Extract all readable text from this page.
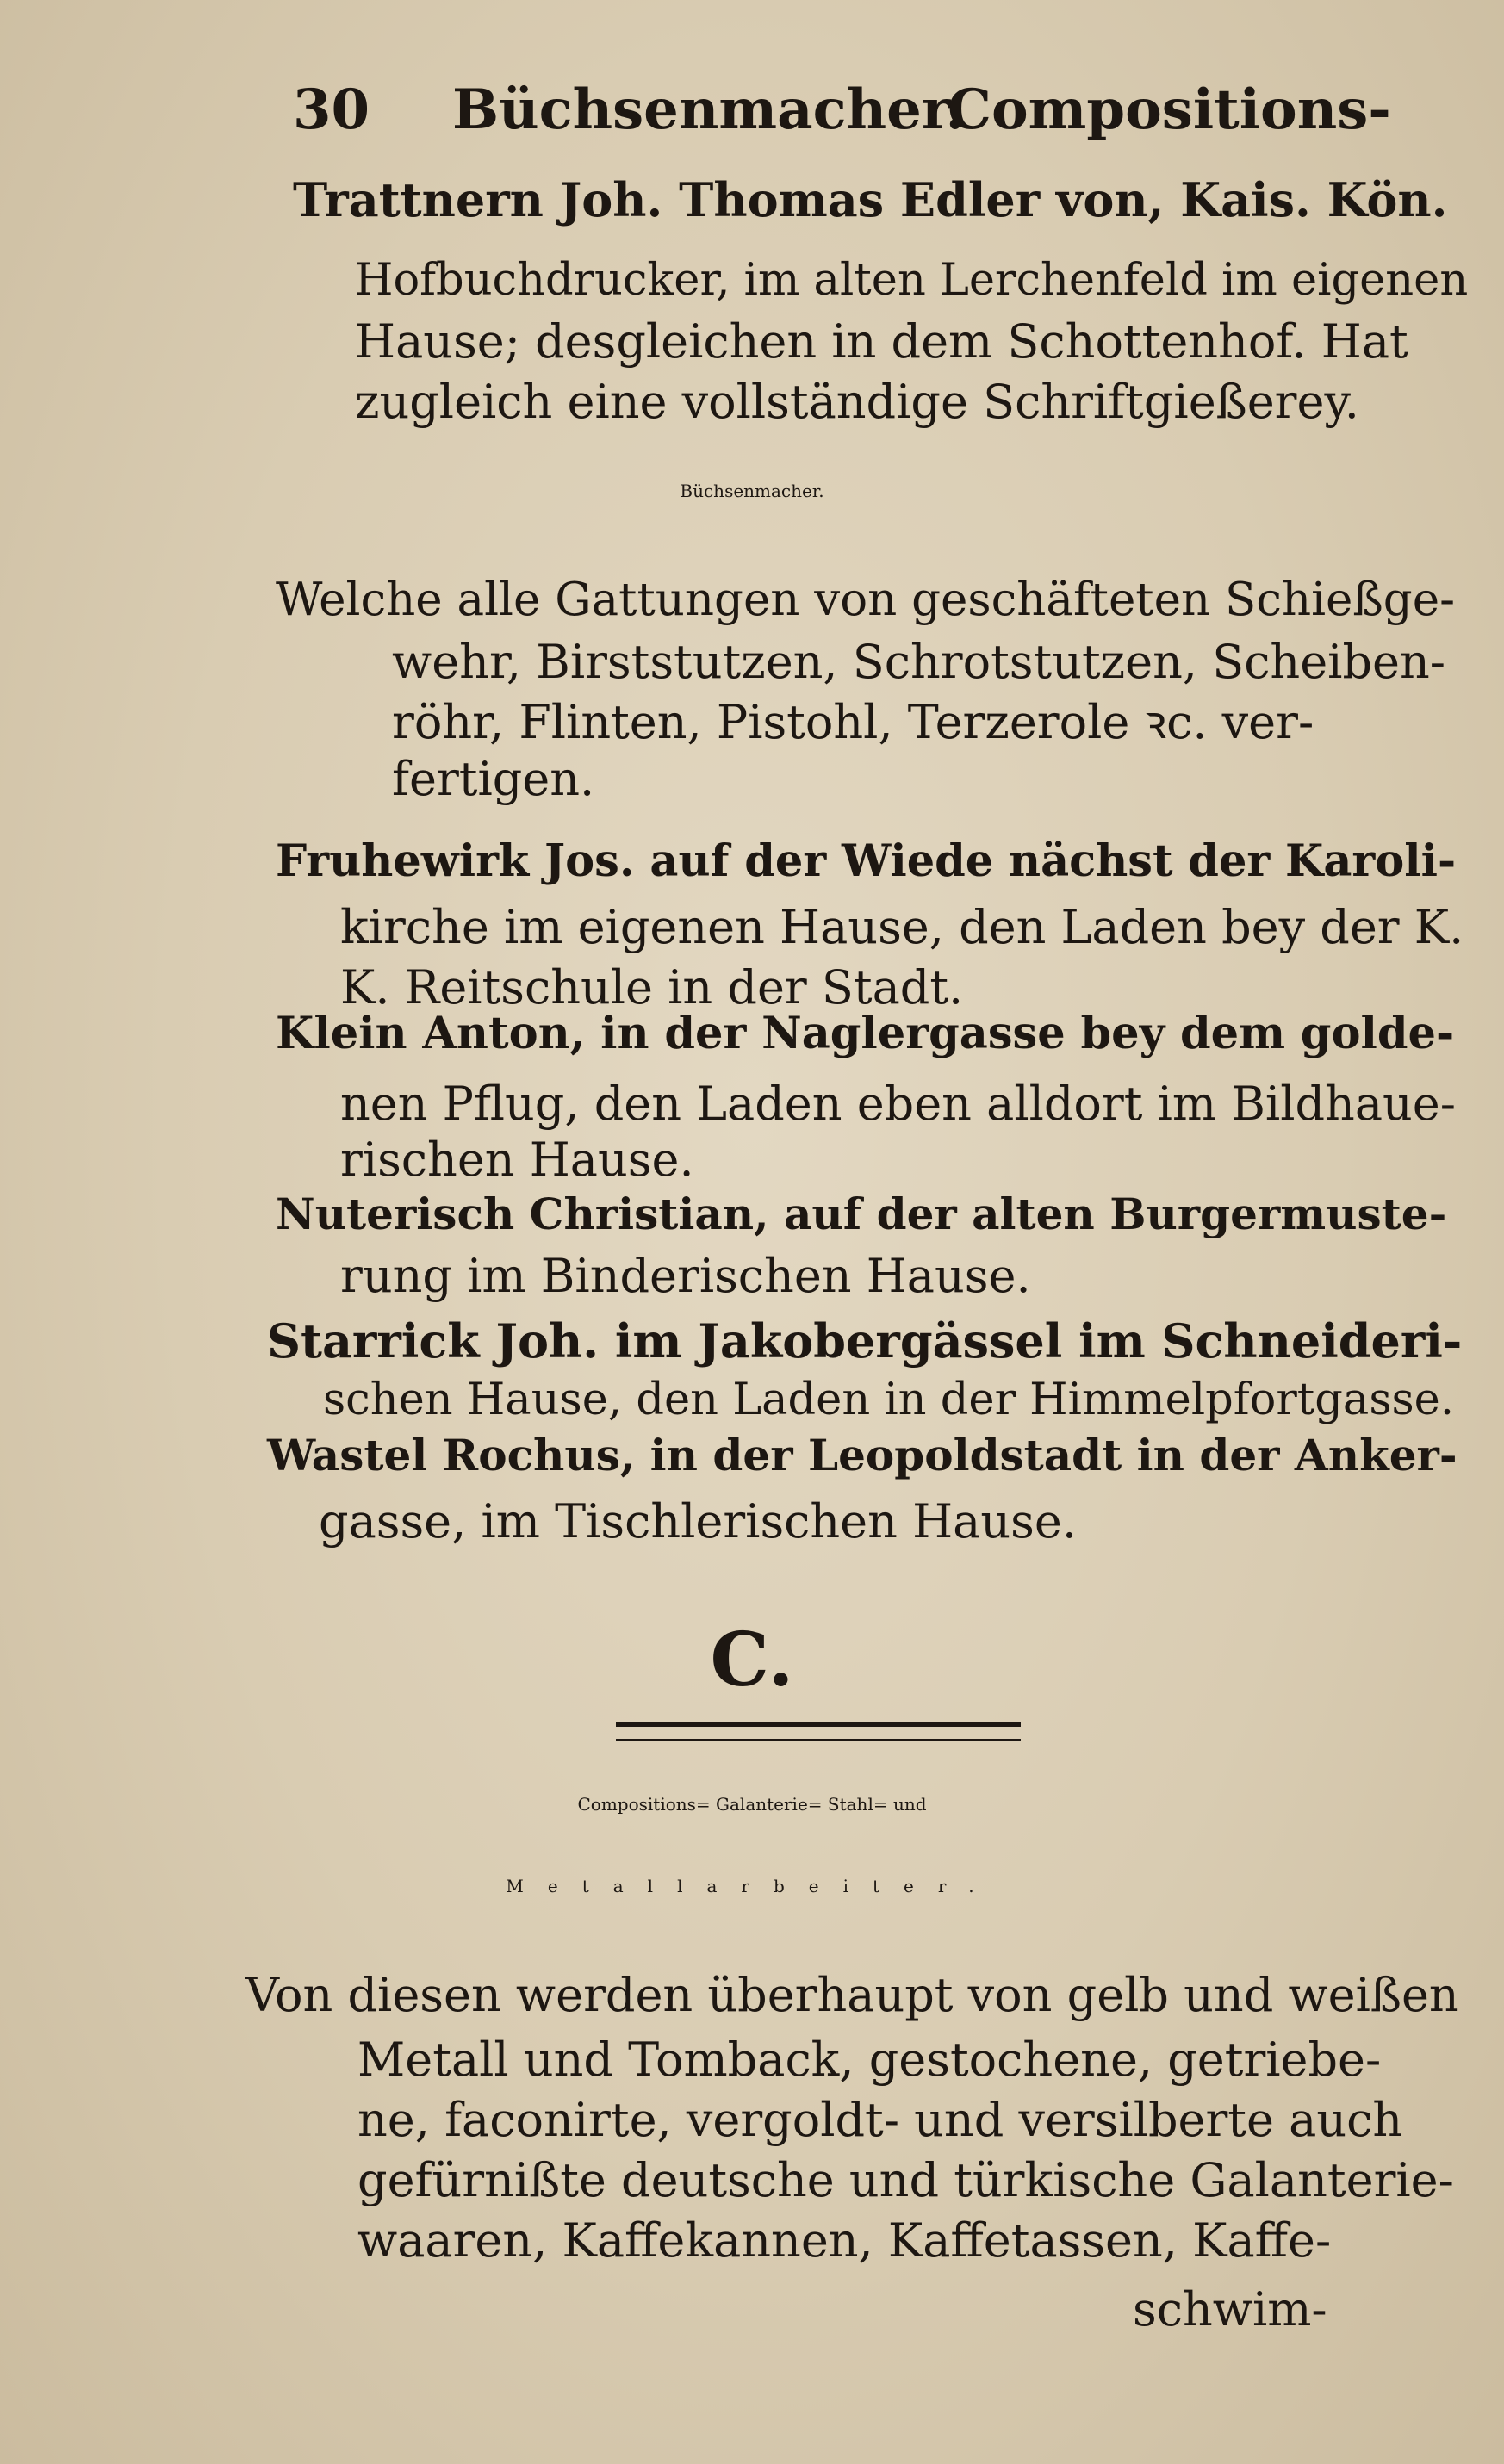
30 Büchsenmacher.
Compositions-
Trattnern Joh. Thomas Edler von, Kais. Kön.
Hofbuchdrucker, im alten Lerchenfeld im eigenen
Hause; desgleichen in dem Schottenhof. Hat
zugleich eine vollständige Schriftgießerey.
Büchsenmacher.
Welche alle Gattungen von geschäfteten Schießge-
wehr, Birststutzen, Schrotstutzen, Scheiben-
röhr, Flinten, Pistohl, Terzerole ꝛc. ver-
fertigen.
Fruhewirk Jos. auf der Wiede nächst der Karoli-
kirche im eigenen Hause, den Laden bey der K.
K. Reitschule in der Stadt.
Klein Anton, in der Naglergasse bey dem golde-
nen Pflug, den Laden eben alldort im Bildhaue-
rischen Hause.
Nuterisch Christian, auf der alten Burgermuste-
rung im Binderischen Hause.
Starrick Joh. im Jakobergässel im Schneideri-
schen Hause, den Laden in der Himmelpfortgasse.
Wastel Rochus, in der Leopoldstadt in der Anker-
gasse, im Tischlerischen Hause.
C.
Compositions= Galanterie= Stahl= und
Metallarbeiter.
Von diesen werden überhaupt von gelb und weißen
Metall und Tomback, gestochene, getriebe-
ne, faconirte, vergoldt- und versilberte auch
gefürnißte deutsche und türkische Galanterie-
waaren, Kaffekannen, Kaffetassen, Kaffe-
schwim-
